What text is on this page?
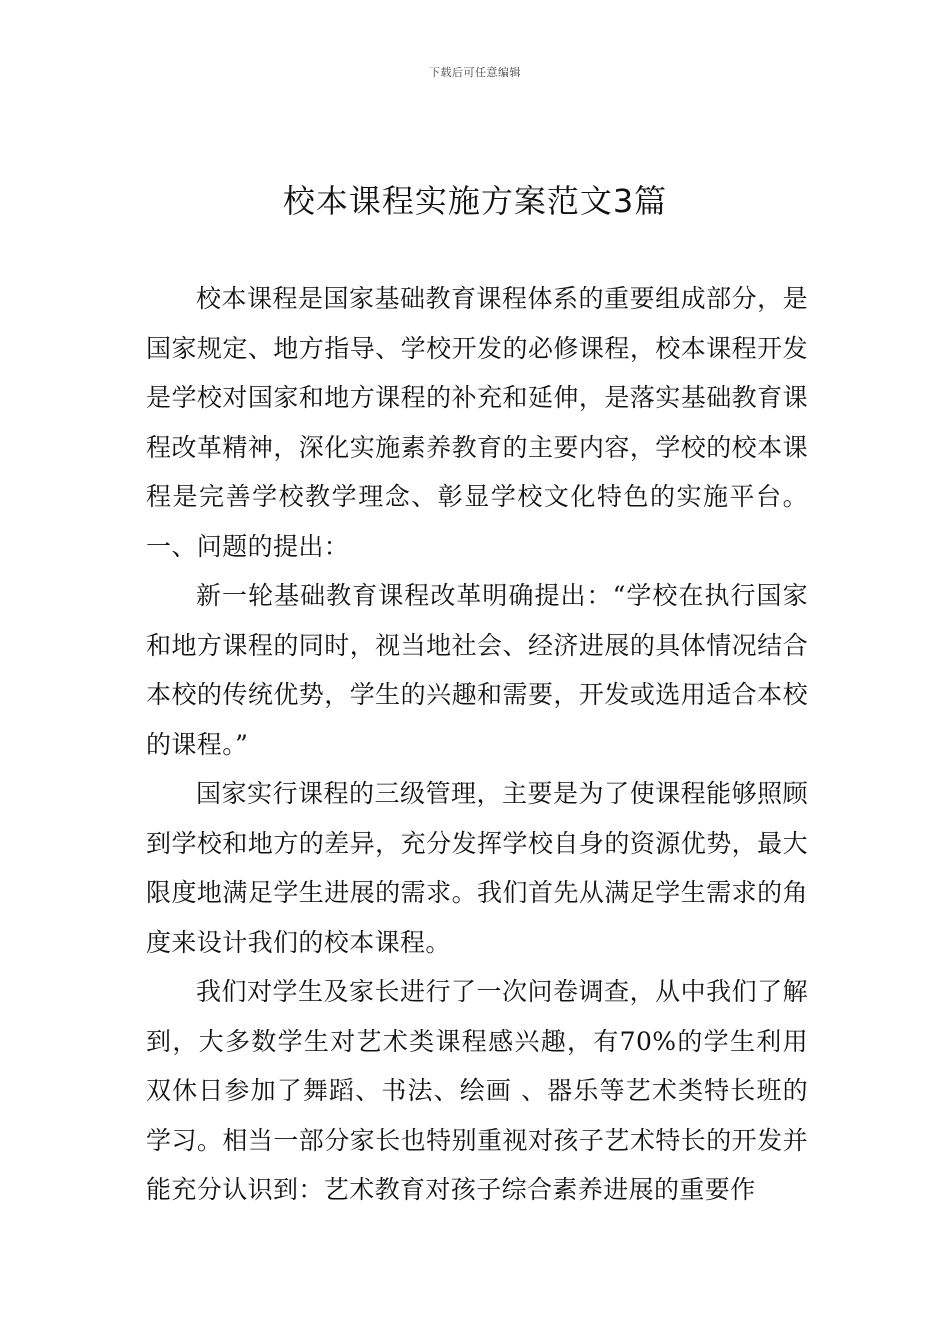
下载后可任意编辑
校本课程实施方案范文3篇

校本课程是国家基础教育课程体系的重要组成部分，是国家规定、地方指导、学校开发的必修课程，校本课程开发是学校对国家和地方课程的补充和延伸，是落实基础教育课程改革精神，深化实施素养教育的主要内容，学校的校本课程是完善学校教学理念、彰显学校文化特色的实施平台。 一、问题的提出：

新一轮基础教育课程改革明确提出：“学校在执行国家和地方课程的同时，视当地社会、经济进展的具体情况结合本校的传统优势，学生的兴趣和需要，开发或选用适合本校的课程。”

国家实行课程的三级管理，主要是为了使课程能够照顾到学校和地方的差异，充分发挥学校自身的资源优势，最大限度地满足学生进展的需求。我们首先从满足学生需求的角度来设计我们的校本课程。

我们对学生及家长进行了一次问卷调查，从中我们了解到，大多数学生对艺术类课程感兴趣，有70%的学生利用双休日参加了舞蹈、书法、绘画 、器乐等艺术类特长班的学习。相当一部分家长也特别重视对孩子艺术特长的开发并能充分认识到：艺术教育对孩子综合素养进展的重要作
